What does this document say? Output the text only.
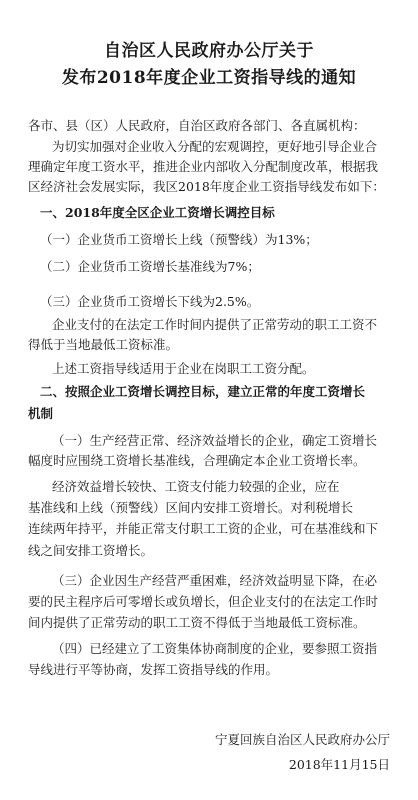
自治区人民政府办公厅关于
发布2018年度企业工资指导线的通知
各市、县（区）人民政府，自治区政府各部门、各直属机构：
为切实加强对企业收入分配的宏观调控，更好地引导企业合
理确定年度工资水平，推进企业内部收入分配制度改革，根据我
区经济社会发展实际，我区2018年度企业工资指导线发布如下：
一、2018年度全区企业工资增长调控目标
（一）企业货币工资增长上线（预警线）为13%；
（二）企业货币工资增长基准线为7%；
（三）企业货币工资增长下线为2.5%。
企业支付的在法定工作时间内提供了正常劳动的职工工资不
得低于当地最低工资标准。
上述工资指导线适用于企业在岗职工工资分配。
二、按照企业工资增长调控目标，建立正常的年度工资增长
机制
（一）生产经营正常、经济效益增长的企业，确定工资增长
幅度时应围绕工资增长基准线，合理确定本企业工资增长率。
经济效益增长较快、工资支付能力较强的企业，应在
基准线和上线（预警线）区间内安排工资增长。对利税增长
连续两年持平，并能正常支付职工工资的企业，可在基准线和下
线之间安排工资增长。
（三）企业因生产经营严重困难，经济效益明显下降，在必
要的民主程序后可零增长或负增长，但企业支付的在法定工作时
间内提供了正常劳动的职工工资不得低于当地最低工资标准。
（四）已经建立了工资集体协商制度的企业，要参照工资指
导线进行平等协商，发挥工资指导线的作用。
宁夏回族自治区人民政府办公厅
2018年11月15日
